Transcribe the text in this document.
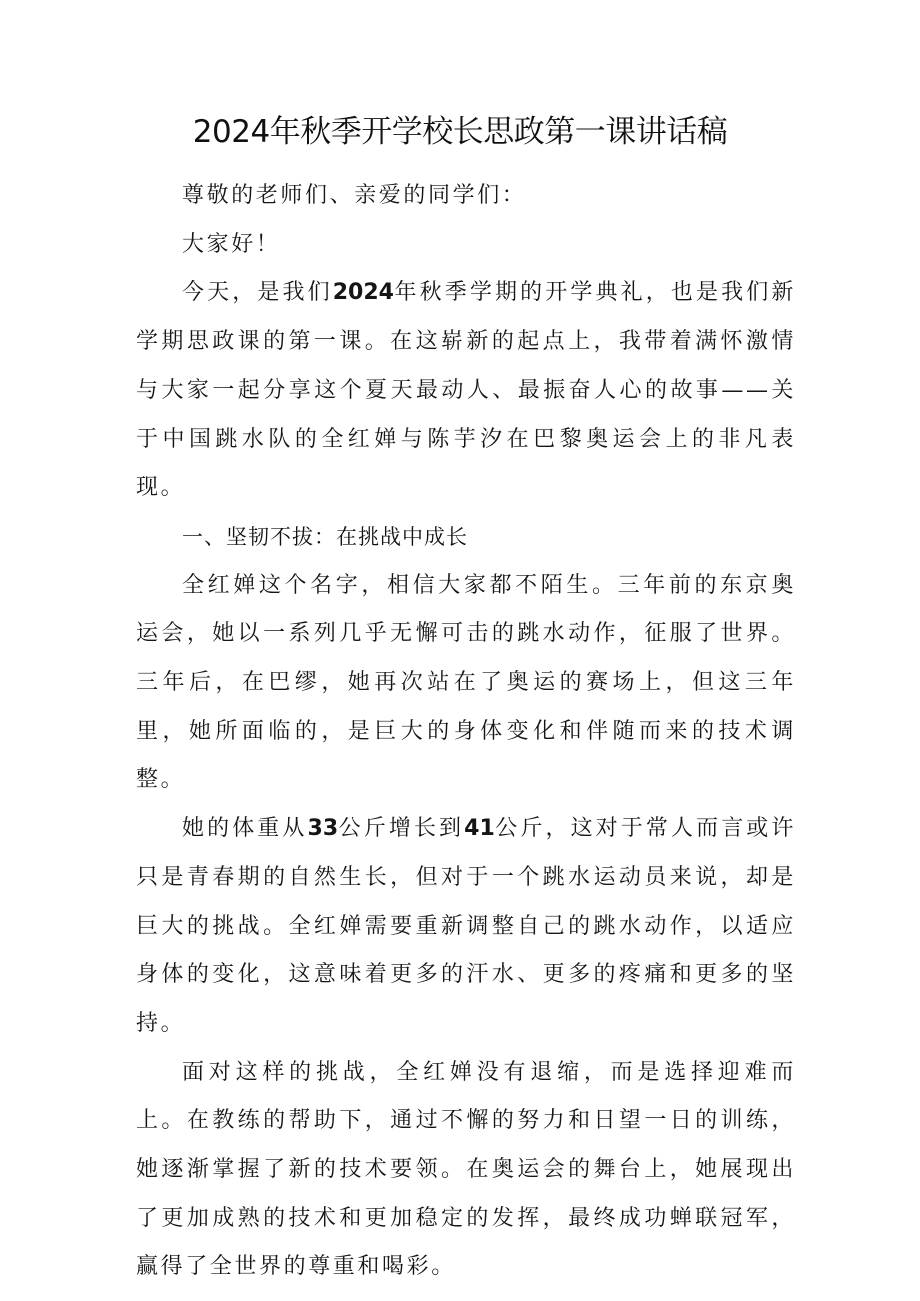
2024年秋季开学校长思政第一课讲话稿

尊敬的老师们、亲爱的同学们：

大家好！

今天，是我们2024年秋季学期的开学典礼，也是我们新学期思政课的第一课。在这崭新的起点上，我带着满怀激情与大家一起分享这个夏天最动人、最振奋人心的故事——关于中国跳水队的全红婵与陈芋汐在巴黎奥运会上的非凡表现。

一、坚韧不拔：在挑战中成长

全红婵这个名字，相信大家都不陌生。三年前的东京奥运会，她以一系列几乎无懈可击的跳水动作，征服了世界。三年后，在巴缪，她再次站在了奥运的赛场上，但这三年里，她所面临的，是巨大的身体变化和伴随而来的技术调整。

她的体重从33公斤增长到41公斤，这对于常人而言或许只是青春期的自然生长，但对于一个跳水运动员来说，却是巨大的挑战。全红婵需要重新调整自己的跳水动作，以适应身体的变化，这意味着更多的汗水、更多的疼痛和更多的坚持。

面对这样的挑战，全红婵没有退缩，而是选择迎难而上。在教练的帮助下，通过不懈的努力和日望一日的训练，她逐渐掌握了新的技术要领。在奥运会的舞台上，她展现出了更加成熟的技术和更加稳定的发挥，最终成功蝉联冠军，赢得了全世界的尊重和喝彩。
